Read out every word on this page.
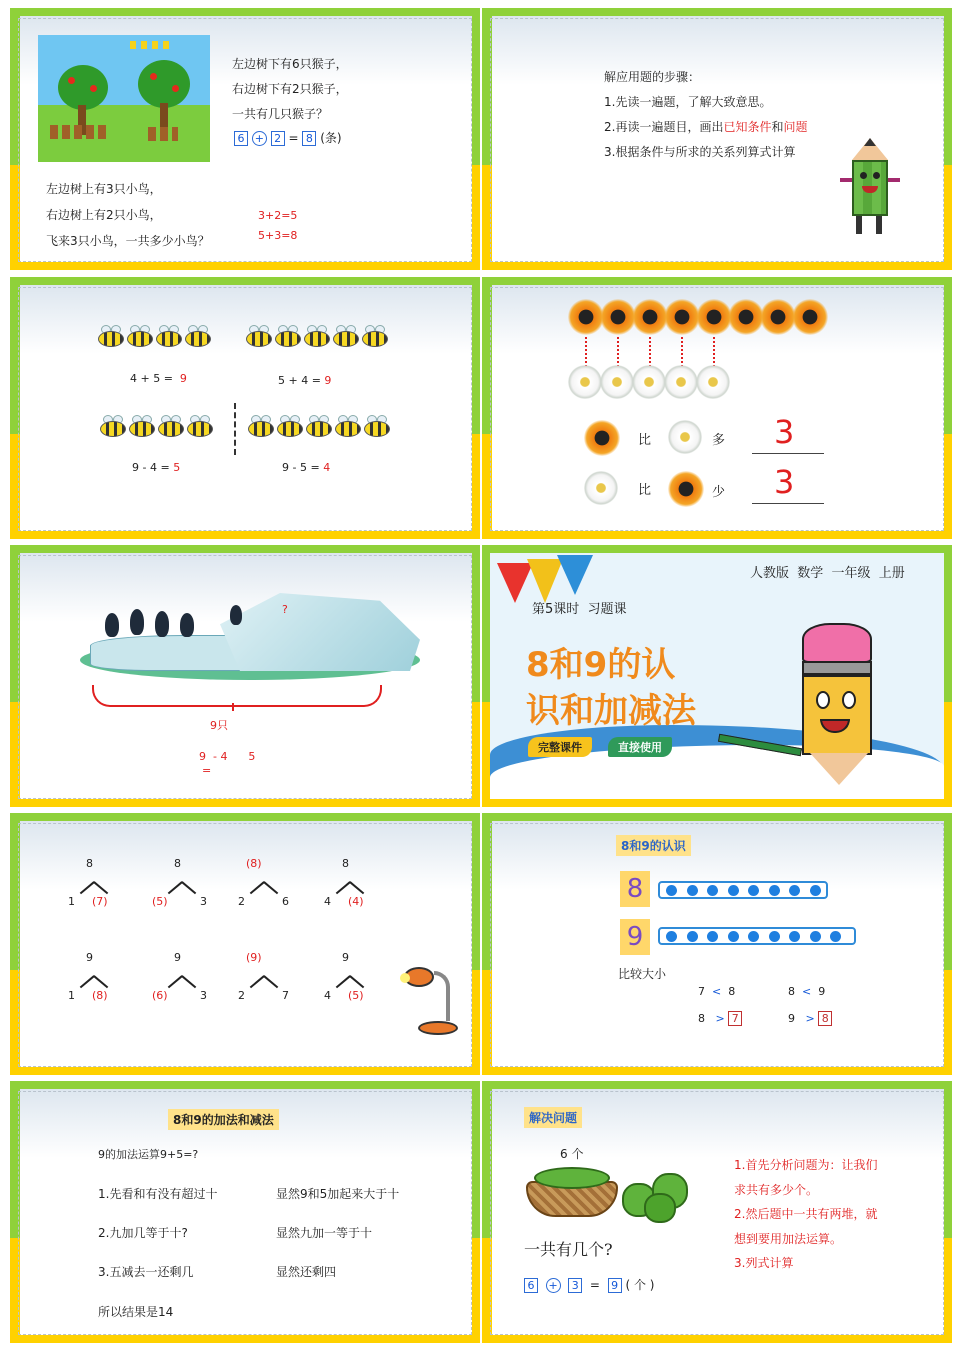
左边树下有6只猴子，
右边树下有2只猴子，
一共有几只猴子？
6 + 2 = 8 (条)
左边树上有3只小鸟，
右边树上有2只小鸟，
飞来3只小鸟，一共多少小鸟？
3+2=5
5+3=8
解应用题的步骤：
1.先读一遍题，了解大致意思。
2.再读一遍题目，画出已知条件和问题
3.根据条件与所求的关系列算式计算
4 + 5 = 9	5 + 4 = 9
9 - 4 = 5	9 - 5 = 4
比	多 3
比	少 3
?
9只
9  - 4      5
=
人教版  数学  一年级  上册
第5课时  习题课
8和9的认
识和加减法
完整课件	直接使用
8
1 (7)
8
(5)	3
(8)
2	6
8
4 (4)
9
1 (8)
9
(6)	3
(9)
2	7
9
4 (5)
8和9的认识
8
9
比较大小
7 < 8	8 < 9
8 > 7	9 > 8
8和9的加法和减法
9的加法运算9+5=?
1.先看和有没有超过十	显然9和5加起来大于十
2.九加几等于十?	显然九加一等于十
3.五减去一还剩几	显然还剩四
所以结果是14
解决问题
6 个
一共有几个?
6 + 3 = 9 ( 个 )
1.首先分析问题为：让我们
求共有多少个。
2.然后题中一共有两堆，就
想到要用加法运算。
3.列式计算
